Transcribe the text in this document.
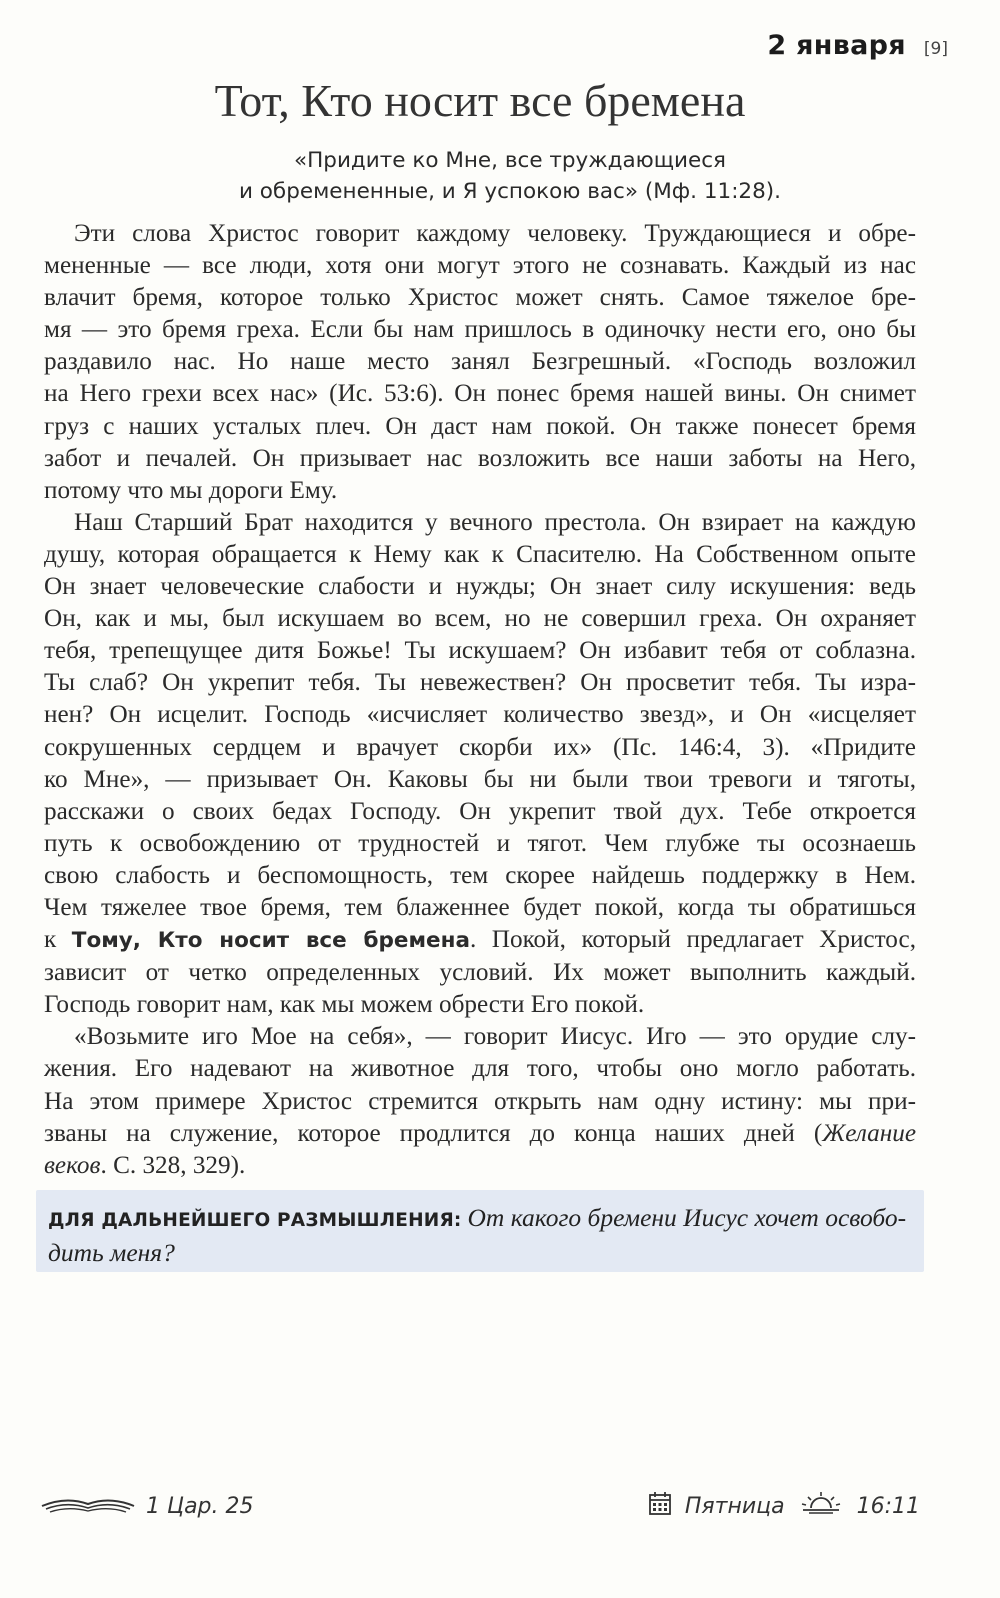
2 января [9]
Тот, Кто носит все бремена
«Придите ко Мне, все труждающиеся
и обремененные, и Я успокою вас» (Мф. 11:28).
Эти слова Христос говорит каждому человеку. Труждающиеся и обре-
мененные — все люди, хотя они могут этого не сознавать. Каждый из нас
влачит бремя, которое только Христос может снять. Самое тяжелое бре-
мя — это бремя греха. Если бы нам пришлось в одиночку нести его, оно бы
раздавило нас. Но наше место занял Безгрешный. «Господь возложил
на Него грехи всех нас» (Ис. 53:6). Он понес бремя нашей вины. Он снимет
груз с наших усталых плеч. Он даст нам покой. Он также понесет бремя
забот и печалей. Он призывает нас возложить все наши заботы на Него,
потому что мы дороги Ему.
Наш Старший Брат находится у вечного престола. Он взирает на каждую
душу, которая обращается к Нему как к Спасителю. На Собственном опыте
Он знает человеческие слабости и нужды; Он знает силу искушения: ведь
Он, как и мы, был искушаем во всем, но не совершил греха. Он охраняет
тебя, трепещущее дитя Божье! Ты искушаем? Он избавит тебя от соблазна.
Ты слаб? Он укрепит тебя. Ты невежествен? Он просветит тебя. Ты изра-
нен? Он исцелит. Господь «исчисляет количество звезд», и Он «исцеляет
сокрушенных сердцем и врачует скорби их» (Пс. 146:4, 3). «Придите
ко Мне», — призывает Он. Каковы бы ни были твои тревоги и тяготы,
расскажи о своих бедах Господу. Он укрепит твой дух. Тебе откроется
путь к освобождению от трудностей и тягот. Чем глубже ты осознаешь
свою слабость и беспомощность, тем скорее найдешь поддержку в Нем.
Чем тяжелее твое бремя, тем блаженнее будет покой, когда ты обратишься
к Тому, Кто носит все бремена. Покой, который предлагает Христос,
зависит от четко определенных условий. Их может выполнить каждый.
Господь говорит нам, как мы можем обрести Его покой.
«Возьмите иго Мое на себя», — говорит Иисус. Иго — это орудие слу-
жения. Его надевают на животное для того, чтобы оно могло работать.
На этом примере Христос стремится открыть нам одну истину: мы при-
званы на служение, которое продлится до конца наших дней (Желание
веков. С. 328, 329).
ДЛЯ ДАЛЬНЕЙШЕГО РАЗМЫШЛЕНИЯ: От какого бремени Иисус хочет освобо-
дить меня?
1 Цар. 25	Пятница	16:11
